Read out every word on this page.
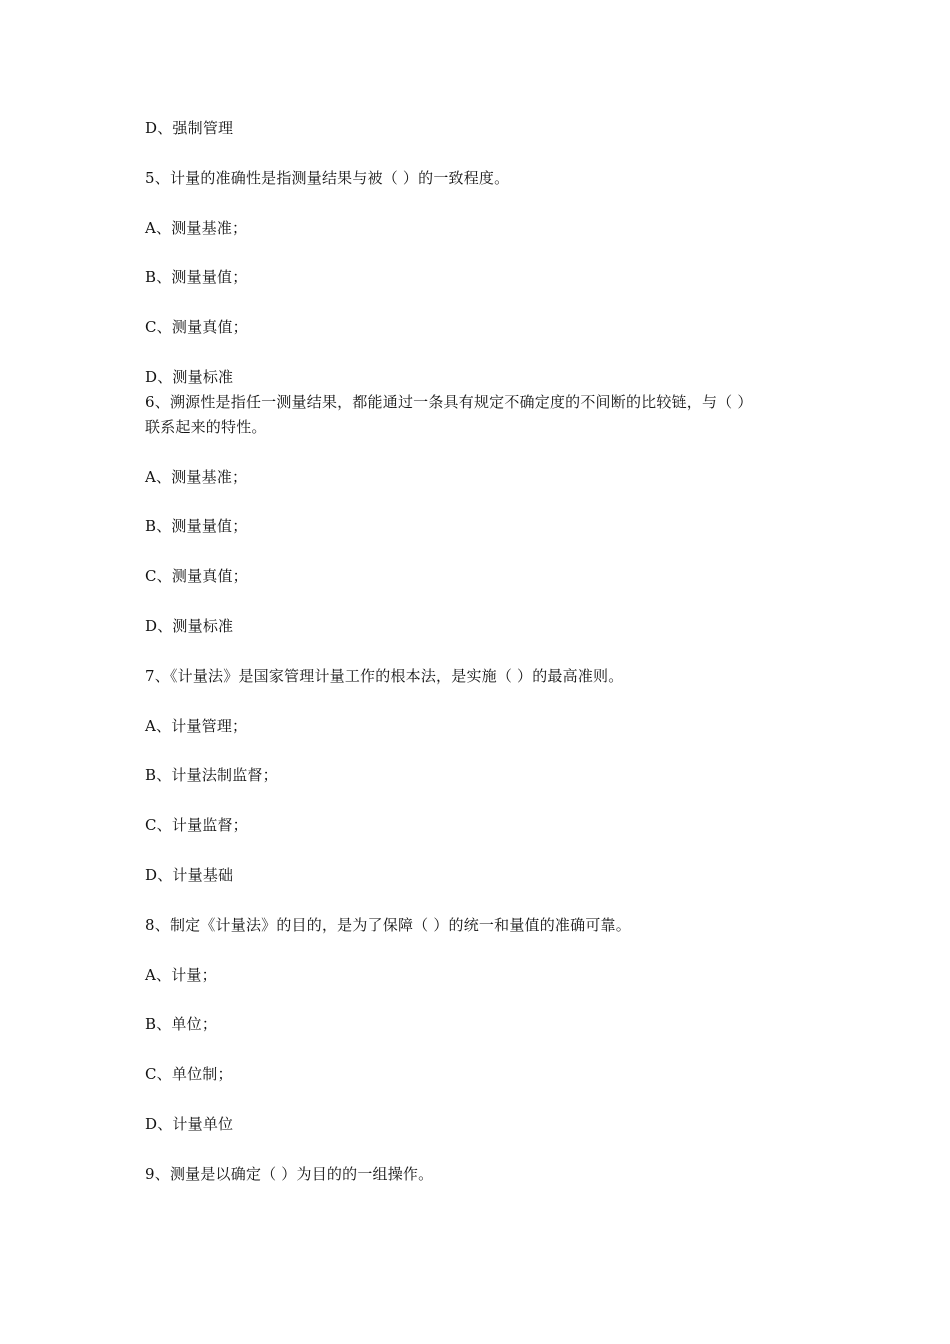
D、强制管理
5、计量的准确性是指测量结果与被（ ）的一致程度。
A、测量基准；
B、测量量值；
C、测量真值；
D、测量标准
6、溯源性是指任一测量结果，都能通过一条具有规定不确定度的不间断的比较链，与（ ）
联系起来的特性。
A、测量基准；
B、测量量值；
C、测量真值；
D、测量标准
7、《计量法》是国家管理计量工作的根本法，是实施（ ）的最高准则。
A、计量管理；
B、计量法制监督；
C、计量监督；
D、计量基础
8、制定《计量法》的目的，是为了保障（ ）的统一和量值的准确可靠。
A、计量；
B、单位；
C、单位制；
D、计量单位
9、测量是以确定（ ）为目的的一组操作。
